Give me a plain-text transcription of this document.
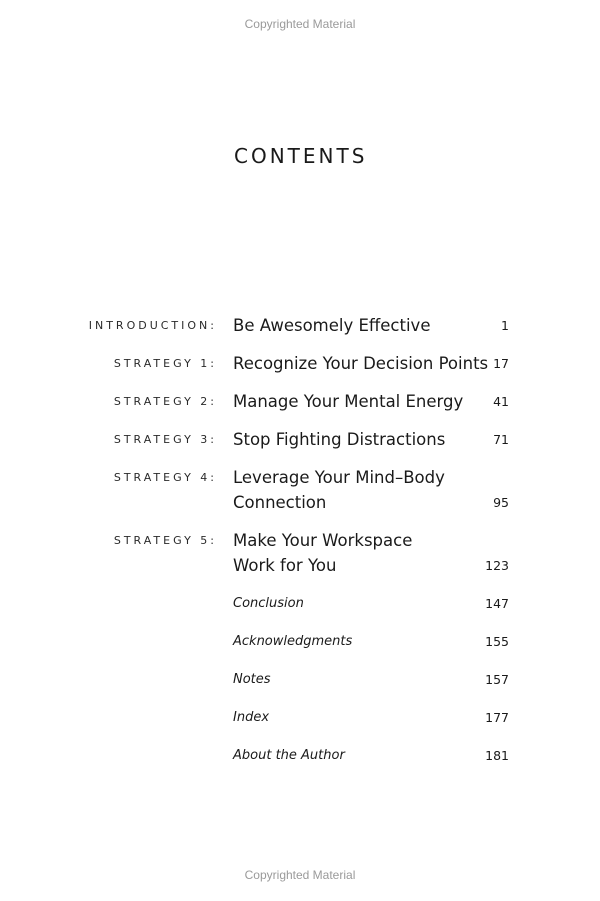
Copyrighted Material
CONTENTS
INTRODUCTION: Be Awesomely Effective	1
STRATEGY 1: Recognize Your Decision Points 17
STRATEGY 2: Manage Your Mental Energy 41
STRATEGY 3: Stop Fighting Distractions	71
STRATEGY 4: Leverage Your Mind–Body
Connection	95
STRATEGY 5: Make Your Workspace
Work for You	123
Conclusion	147
Acknowledgments	155
Notes	157
Index	177
About the Author	181
Copyrighted Material
